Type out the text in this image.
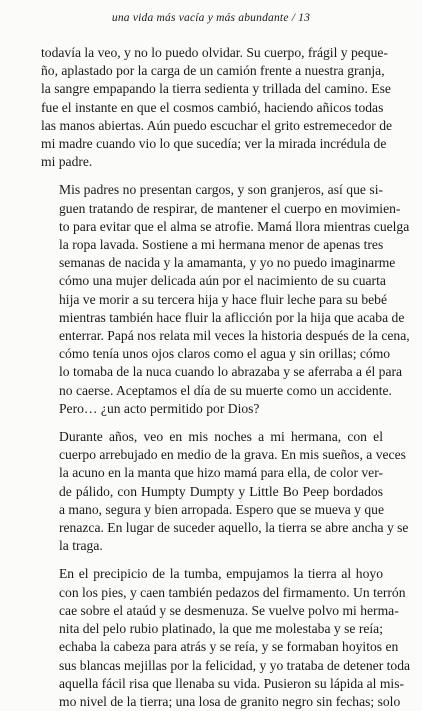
una vida más vacía y más abundante / 13

todavía la veo, y no lo puedo olvidar. Su cuerpo, frágil y peque-
ño, aplastado por la carga de un camión frente a nuestra granja,
la sangre empapando la tierra sedienta y trillada del camino. Ese
fue el instante en que el cosmos cambió, haciendo añicos todas
las manos abiertas. Aún puedo escuchar el grito estremecedor de
mi madre cuando vio lo que sucedía; ver la mirada incrédula de
mi padre.

Mis padres no presentan cargos, y son granjeros, así que si-
guen tratando de respirar, de mantener el cuerpo en movimien-
to para evitar que el alma se atrofie. Mamá llora mientras cuelga
la ropa lavada. Sostiene a mi hermana menor de apenas tres
semanas de nacida y la amamanta, y yo no puedo imaginarme
cómo una mujer delicada aún por el nacimiento de su cuarta
hija ve morir a su tercera hija y hace fluir leche para su bebé
mientras también hace fluir la aflicción por la hija que acaba de
enterrar. Papá nos relata mil veces la historia después de la cena,
cómo tenía unos ojos claros como el agua y sin orillas; cómo
lo tomaba de la nuca cuando lo abrazaba y se aferraba a él para
no caerse. Aceptamos el día de su muerte como un accidente.
Pero… ¿un acto permitido por Dios?

Durante años, veo en mis noches a mi hermana, con el
cuerpo arrebujado en medio de la grava. En mis sueños, a veces
la acuno en la manta que hizo mamá para ella, de color ver-
de pálido, con Humpty Dumpty y Little Bo Peep bordados
a mano, segura y bien arropada. Espero que se mueva y que
renazca. En lugar de suceder aquello, la tierra se abre ancha y se
la traga.

En el precipicio de la tumba, empujamos la tierra al hoyo
con los pies, y caen también pedazos del firmamento. Un terrón
cae sobre el ataúd y se desmenuza. Se vuelve polvo mi herma-
nita del pelo rubio platinado, la que me molestaba y se reía;
echaba la cabeza para atrás y se reía, y se formaban hoyitos en
sus blancas mejillas por la felicidad, y yo trataba de detener toda
aquella fácil risa que llenaba su vida. Pusieron su lápida al mis-
mo nivel de la tierra; una losa de granito negro sin fechas; solo
